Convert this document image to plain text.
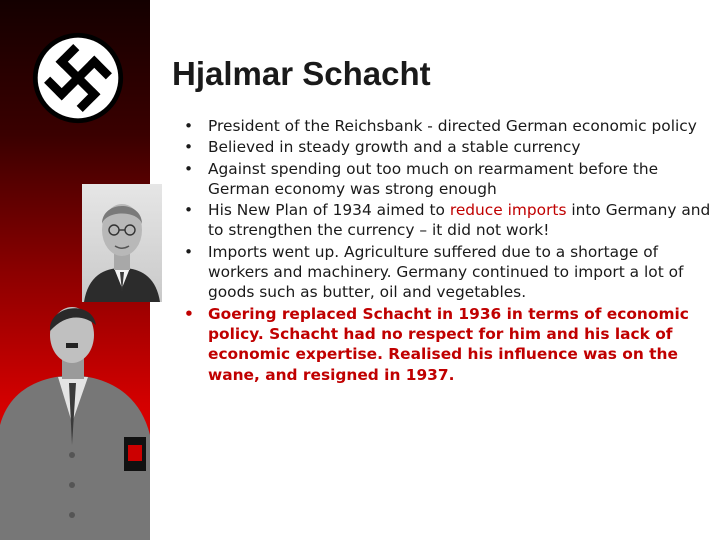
Hjalmar Schacht
• President of the Reichsbank - directed German economic policy
• Believed in steady growth and a stable currency
• Against spending out too much on rearmament before the German economy was strong enough
• His New Plan of 1934 aimed to reduce imports into Germany and to strengthen the currency – it did not work!
• Imports went up. Agriculture suffered due to a shortage of workers and machinery. Germany continued to import a lot of goods such as butter, oil and vegetables.
• Goering replaced Schacht in 1936 in terms of economic policy. Schacht had no respect for him and his lack of economic expertise. Realised his influence was on the wane, and resigned in 1937.
